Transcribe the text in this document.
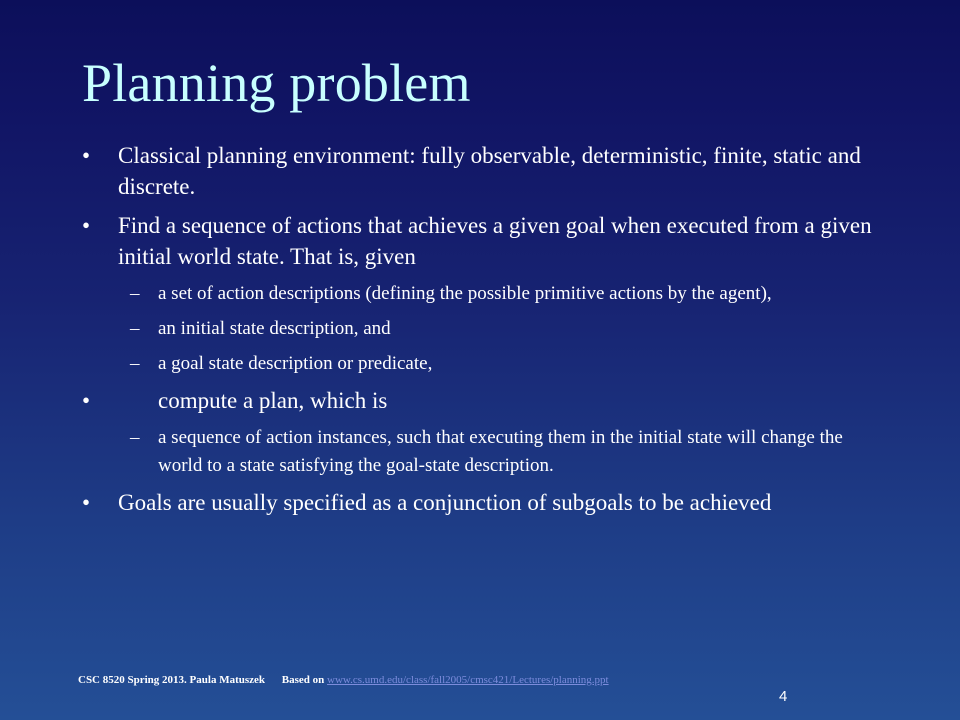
Planning problem
•	Classical planning environment: fully observable, deterministic, finite, static and discrete.
•	Find a sequence of actions that achieves a given goal when executed from a given initial world state. That is, given
– a set of action descriptions (defining the possible primitive actions by the agent),
– an initial state description, and
– a goal state description or predicate,
•	compute a plan, which is
– a sequence of action instances, such that executing them in the initial state will change the world to a state satisfying the goal-state description.
•	Goals are usually specified as a conjunction of subgoals to be achieved
CSC 8520 Spring 2013. Paula Matuszek Based on www.cs.umd.edu/class/fall2005/cmsc421/Lectures/planning.ppt
4
